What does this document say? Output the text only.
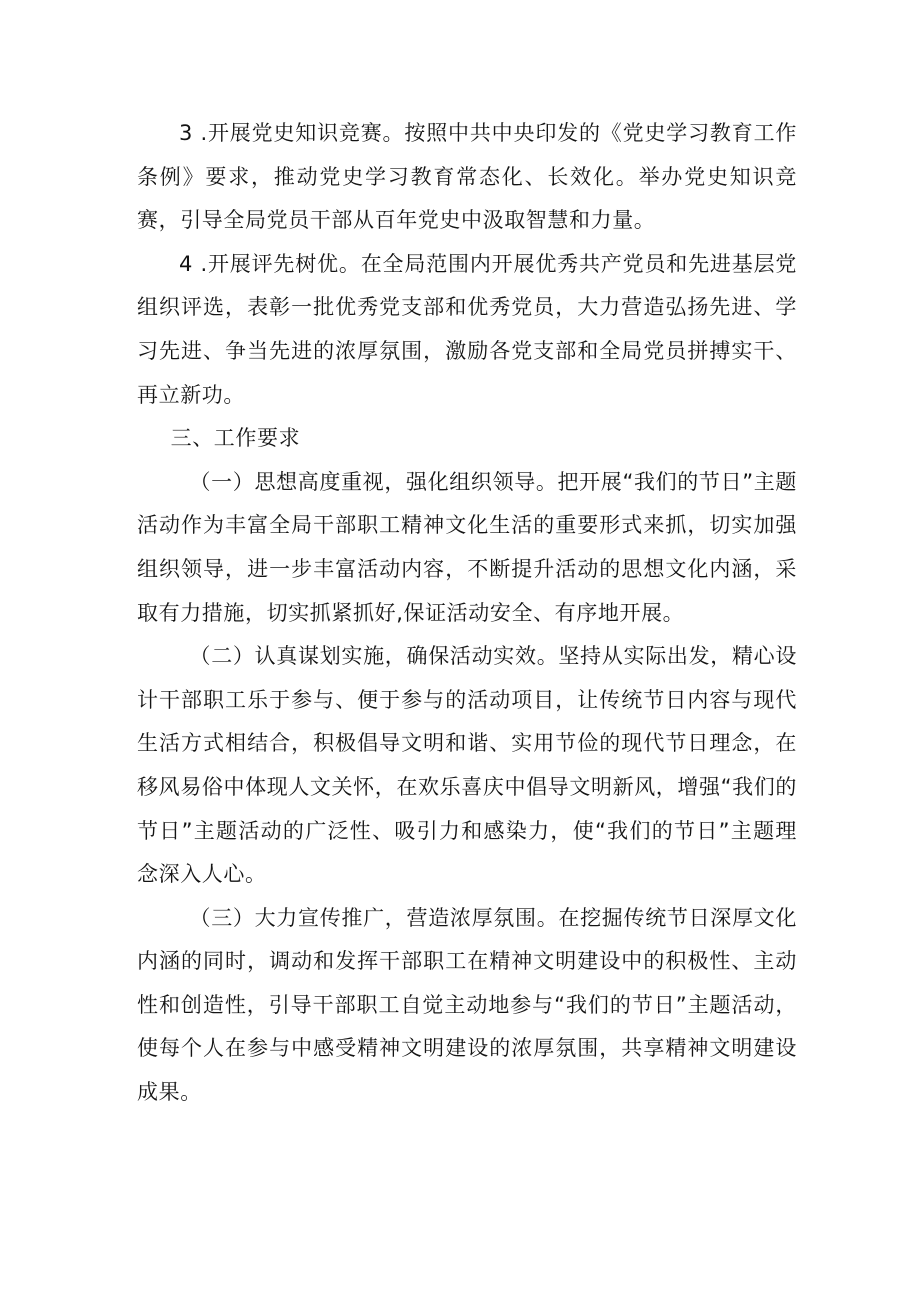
3 .开展党史知识竞赛。按照中共中央印发的《党史学习教育工作条例》要求，推动党史学习教育常态化、长效化。举办党史知识竞赛，引导全局党员干部从百年党史中汲取智慧和力量。

4 .开展评先树优。在全局范围内开展优秀共产党员和先进基层党组织评选，表彰一批优秀党支部和优秀党员，大力营造弘扬先进、学习先进、争当先进的浓厚氛围，激励各党支部和全局党员拼搏实干、再立新功。

三、工作要求

（一）思想高度重视，强化组织领导。把开展“我们的节日”主题活动作为丰富全局干部职工精神文化生活的重要形式来抓，切实加强组织领导，进一步丰富活动内容，不断提升活动的思想文化内涵，采取有力措施，切实抓紧抓好,保证活动安全、有序地开展。

（二）认真谋划实施，确保活动实效。坚持从实际出发，精心设计干部职工乐于参与、便于参与的活动项目，让传统节日内容与现代生活方式相结合，积极倡导文明和谐、实用节俭的现代节日理念，在移风易俗中体现人文关怀，在欢乐喜庆中倡导文明新风，增强“我们的节日”主题活动的广泛性、吸引力和感染力，使“我们的节日”主题理念深入人心。

（三）大力宣传推广，营造浓厚氛围。在挖掘传统节日深厚文化内涵的同时，调动和发挥干部职工在精神文明建设中的积极性、主动性和创造性，引导干部职工自觉主动地参与“我们的节日”主题活动，使每个人在参与中感受精神文明建设的浓厚氛围，共享精神文明建设成果。
